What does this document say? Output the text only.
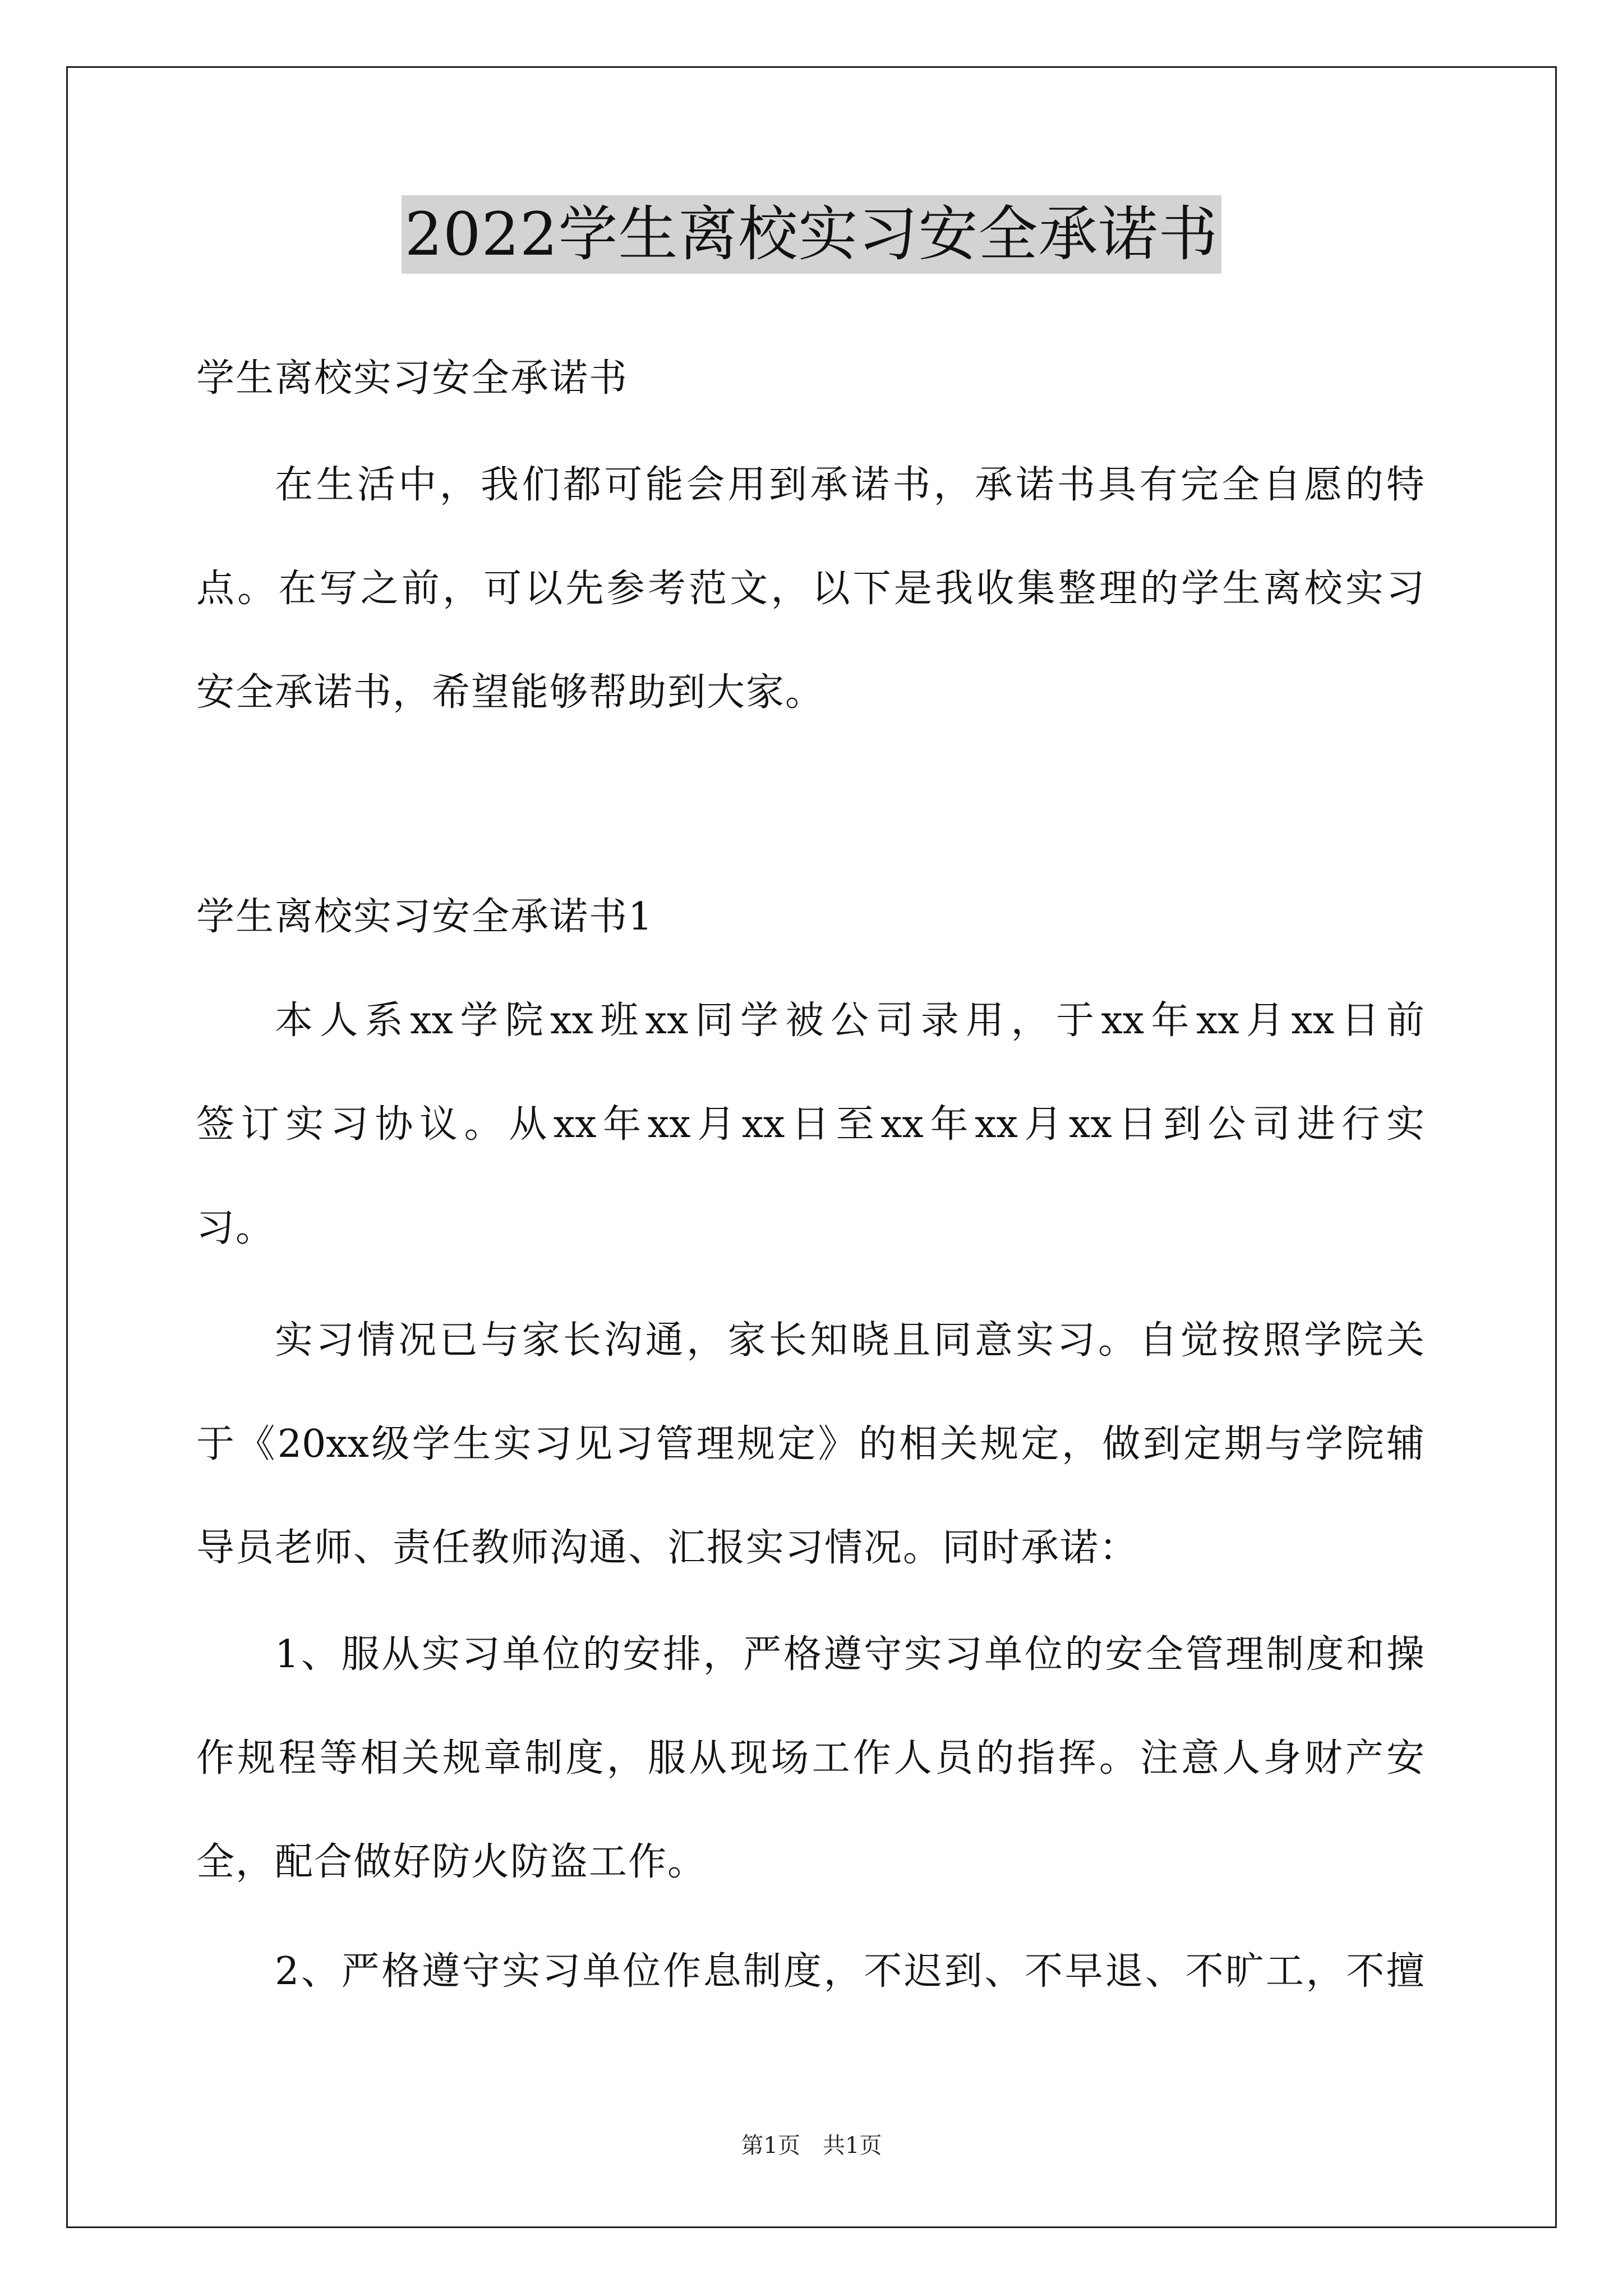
2022学生离校实习安全承诺书
学生离校实习安全承诺书
在生活中，我们都可能会用到承诺书，承诺书具有完全自愿的特
点。在写之前，可以先参考范文，以下是我收集整理的学生离校实习
安全承诺书，希望能够帮助到大家。
学生离校实习安全承诺书1
本人系xx学院xx班xx同学被公司录用，于xx年xx月xx日前
签订实习协议。从xx年xx月xx日至xx年xx月xx日到公司进行实
习。
实习情况已与家长沟通，家长知晓且同意实习。自觉按照学院关
于《20xx级学生实习见习管理规定》的相关规定，做到定期与学院辅
导员老师、责任教师沟通、汇报实习情况。同时承诺：
1、服从实习单位的安排，严格遵守实习单位的安全管理制度和操
作规程等相关规章制度，服从现场工作人员的指挥。注意人身财产安
全，配合做好防火防盗工作。
2、严格遵守实习单位作息制度，不迟到、不早退、不旷工，不擅
第1页　共1页
